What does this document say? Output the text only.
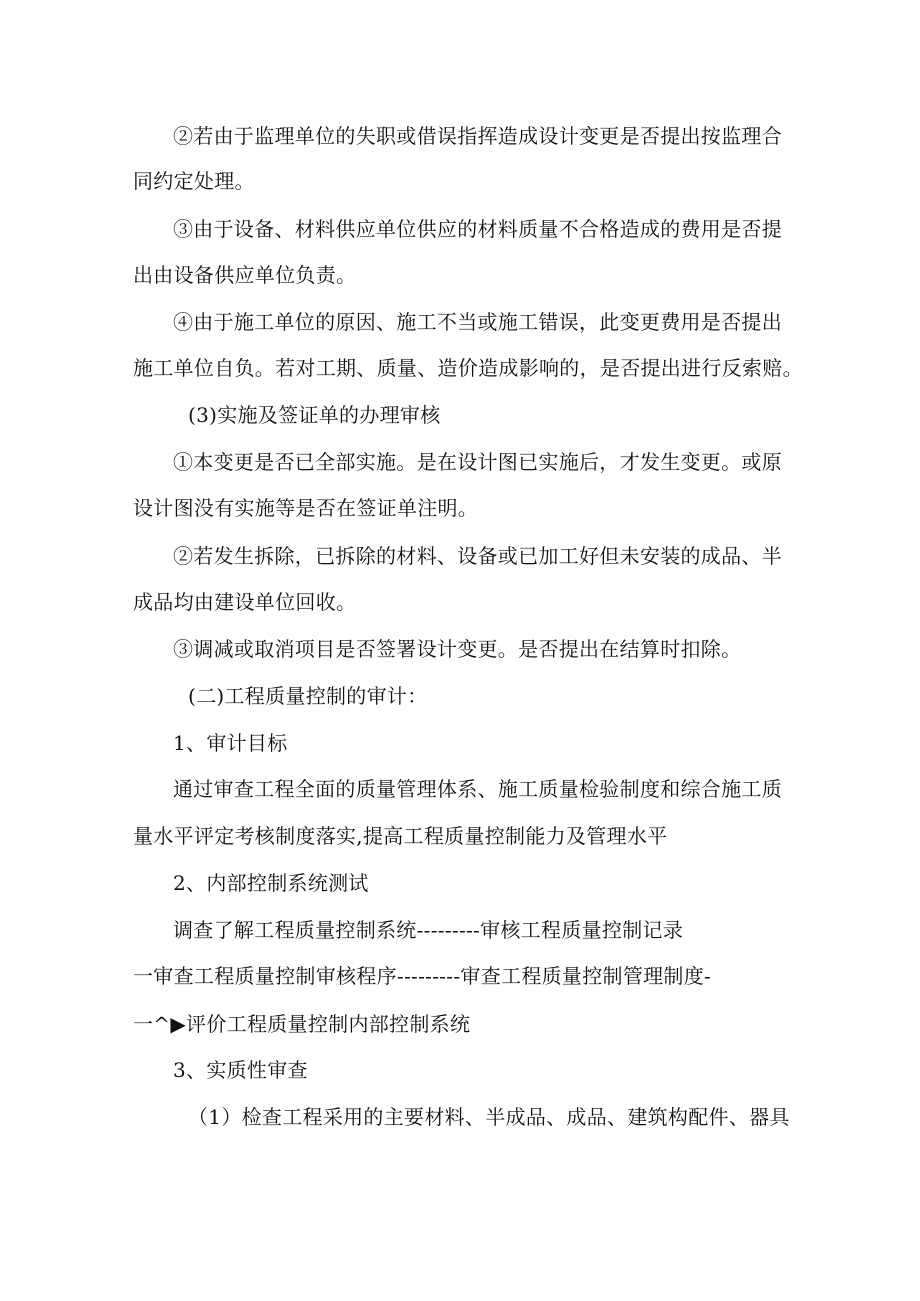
②若由于监理单位的失职或借误指挥造成设计变更是否提出按监理合

同约定处理。

③由于设备、材料供应单位供应的材料质量不合格造成的费用是否提

出由设备供应单位负责。

④由于施工单位的原因、施工不当或施工错误，此变更费用是否提出

施工单位自负。若对工期、质量、造价造成影响的，是否提出进行反索赔。

(3)实施及签证单的办理审核

①本变更是否已全部实施。是在设计图已实施后，才发生变更。或原

设计图没有实施等是否在签证单注明。

②若发生拆除，已拆除的材料、设备或已加工好但未安装的成品、半

成品均由建设单位回收。

③调减或取消项目是否签署设计变更。是否提出在结算时扣除。

(二)工程质量控制的审计：

1、审计目标

通过审查工程全面的质量管理体系、施工质量检验制度和综合施工质

量水平评定考核制度落实,提高工程质量控制能力及管理水平

2、内部控制系统测试

调查了解工程质量控制系统---------审核工程质量控制记录

一审查工程质量控制审核程序---------审查工程质量控制管理制度-

一^▶评价工程质量控制内部控制系统

3、实质性审查

（1）检查工程采用的主要材料、半成品、成品、建筑构配件、器具
